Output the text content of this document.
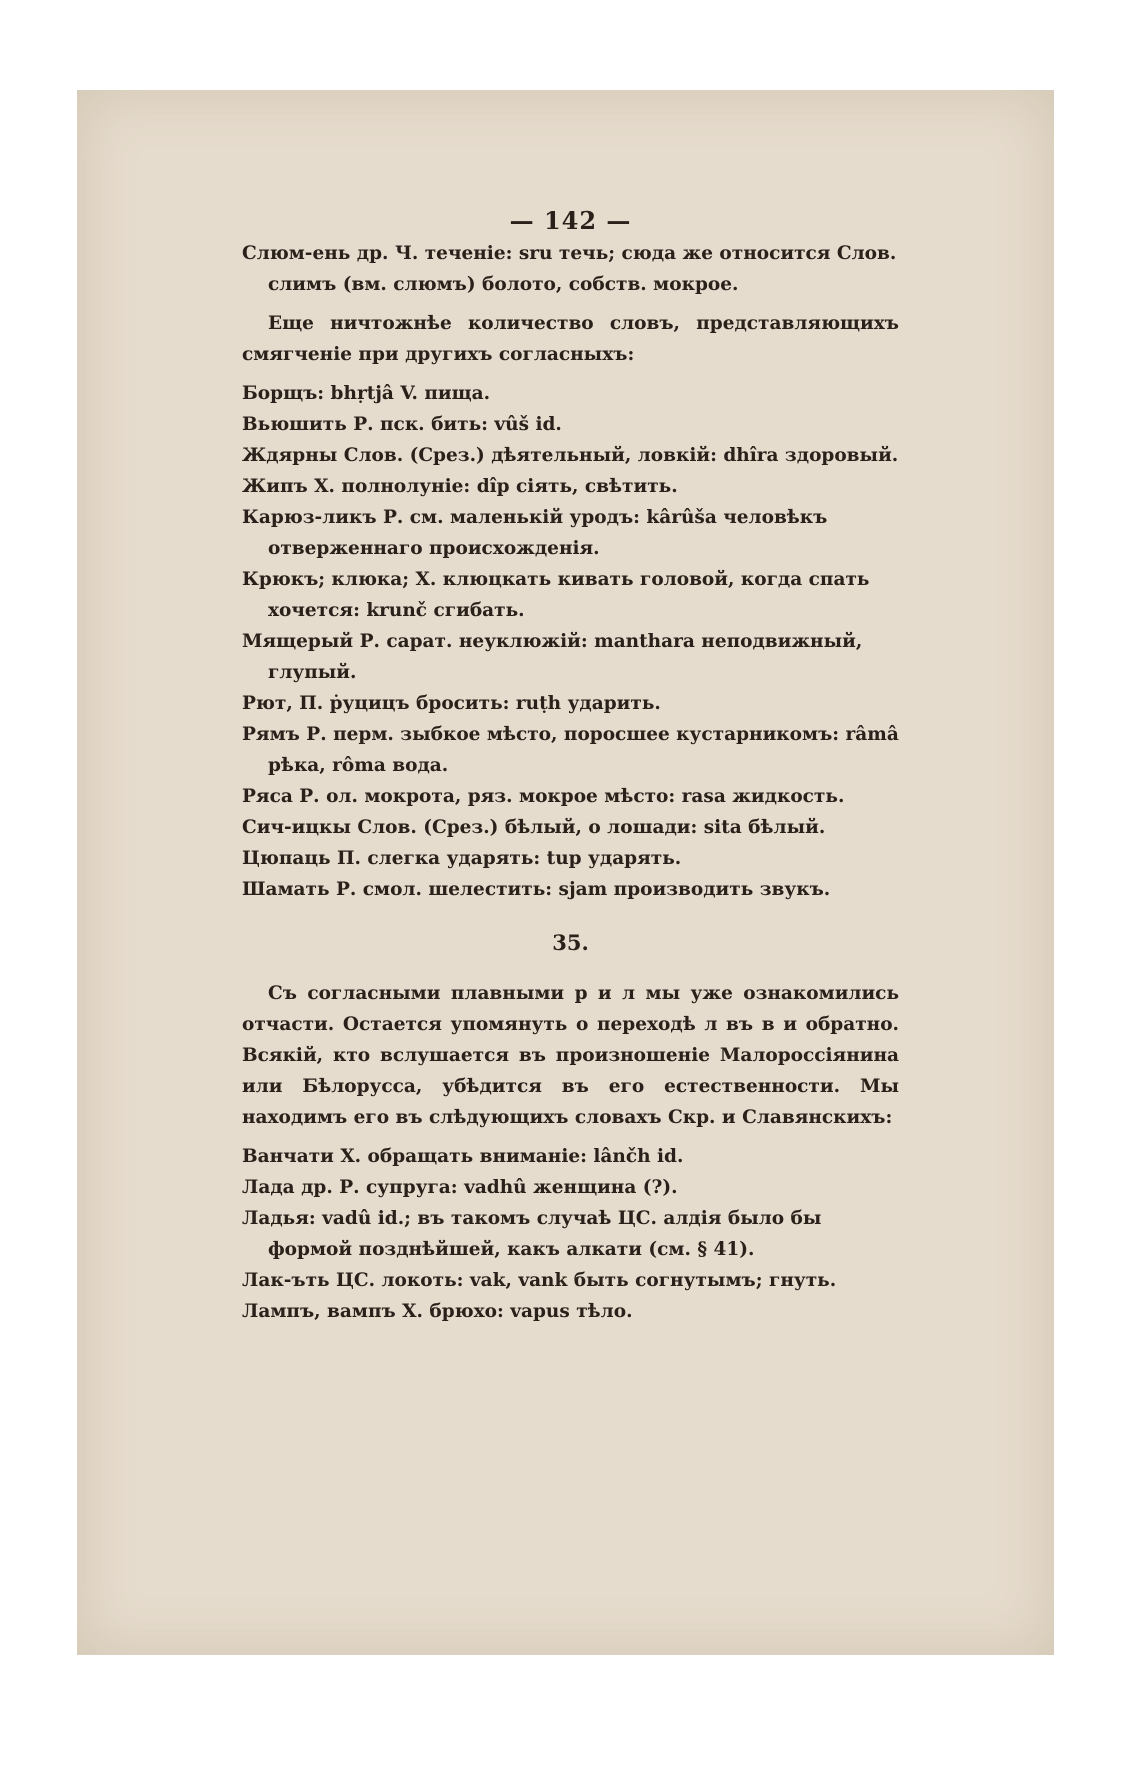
— 142 —
Слюм-ень др. Ч. теченіе: sru течь; сюда же относится Слов. слимъ (вм. слюмъ) болото, собств. мокрое.
Еще ничтожнѣе количество словъ, представляющихъ смягченіе при другихъ согласныхъ:
Борщъ: bhṛtjâ V. пища.
Вьюшить Р. пск. бить: vûš id.
Ждярны Слов. (Срез.) дѣятельный, ловкій: dhîra здоровый.
Жипъ Х. полнолуніе: dîp сіять, свѣтить.
Карюз-ликъ Р. см. маленькій уродъ: kârûša человѣкъ отверженнаго происхожденія.
Крюкъ; клюка; Х. клюцкать кивать головой, когда спать хочется: krunč сгибать.
Мящерый Р. сарат. неуклюжій: manthara неподвижный, глупый.
Рют, П. ṗуцицъ бросить: ruṭh ударить.
Рямъ Р. перм. зыбкое мѣсто, поросшее кустарникомъ: râmâ рѣка, rôma вода.
Ряса Р. ол. мокрота, ряз. мокрое мѣсто: rasa жидкость.
Сич-ицкы Слов. (Срез.) бѣлый, о лошади: sita бѣлый.
Цюпаць П. слегка ударять: tup ударять.
Шамать Р. смол. шелестить: sjam производить звукъ.
35.
Съ согласными плавными р и л мы уже ознакомились отчасти. Остается упомянуть о переходѣ л въ в и обратно. Всякій, кто вслушается въ произношеніе Малороссіянина или Бѣлорусса, убѣдится въ его естественности. Мы находимъ его въ слѣдующихъ словахъ Скр. и Славянскихъ:
Ванчати Х. обращать вниманіе: lânčh id.
Лада др. Р. супруга: vadhû женщина (?).
Ладья: vadû id.; въ такомъ случаѣ ЦС. алдія было бы формой позднѣйшей, какъ алкати (см. § 41).
Лак-ъть ЦС. локоть: vak, vank быть согнутымъ; гнуть.
Лампъ, вампъ Х. брюхо: vapus тѣло.
